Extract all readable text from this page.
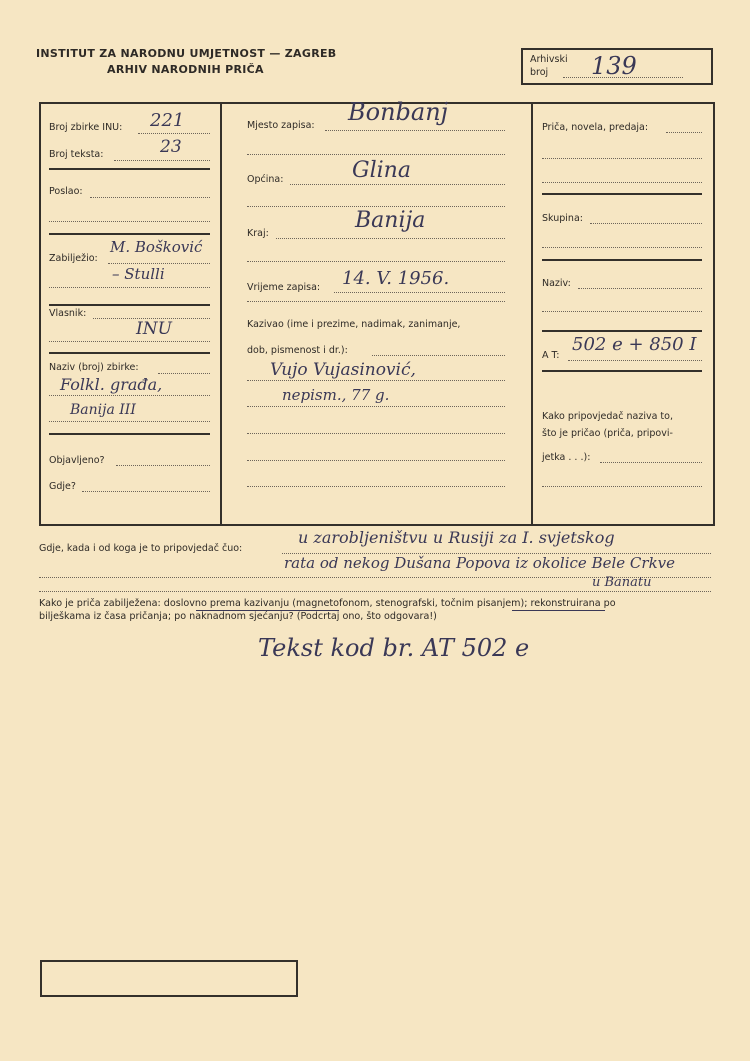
INSTITUT ZA NARODNU UMJETNOST — ZAGREB
ARHIV NARODNIH PRIČA
Arhivski
broj 139
Broj zbirke INU: 221
Broj teksta:	23
Poslao:
Zabilježio:
M. Bošković
– Stulli
Vlasnik:
INU
Naziv (broj) zbirke:
Folkl. građa,
Banija III
Objavljeno?
Gdje?
Mjesto zapisa: Bonbanj
Općina:	Glina
Kraj:
Banija
Vrijeme zapisa: 14. V. 1956.
Kazivao (ime i prezime, nadimak, zanimanje,
dob, pismenost i dr.):
Vujo Vujasinović,
nepism., 77 g.
Priča, novela, predaja:
Skupina:
Naziv:
A T:
502 e + 850 I
Kako pripovjedač naziva to,
što je pričao (priča, pripovi-
jetka . . .):
Gdje, kada i od koga je to pripovjedač čuo:
u zarobljeništvu u Rusiji za I. svjetskog
rata od nekog Dušana Popova iz okolice Bele Crkve
u Banatu
Kako je priča zabilježena: doslovno prema kazivanju (magnetofonom, stenografski, točnim pisanjem); rekonstruirana po
bilješkama iz časa pričanja; po naknadnom sjećanju? (Podcrtaj ono, što odgovara!)
Tekst kod br. AT 502 e
